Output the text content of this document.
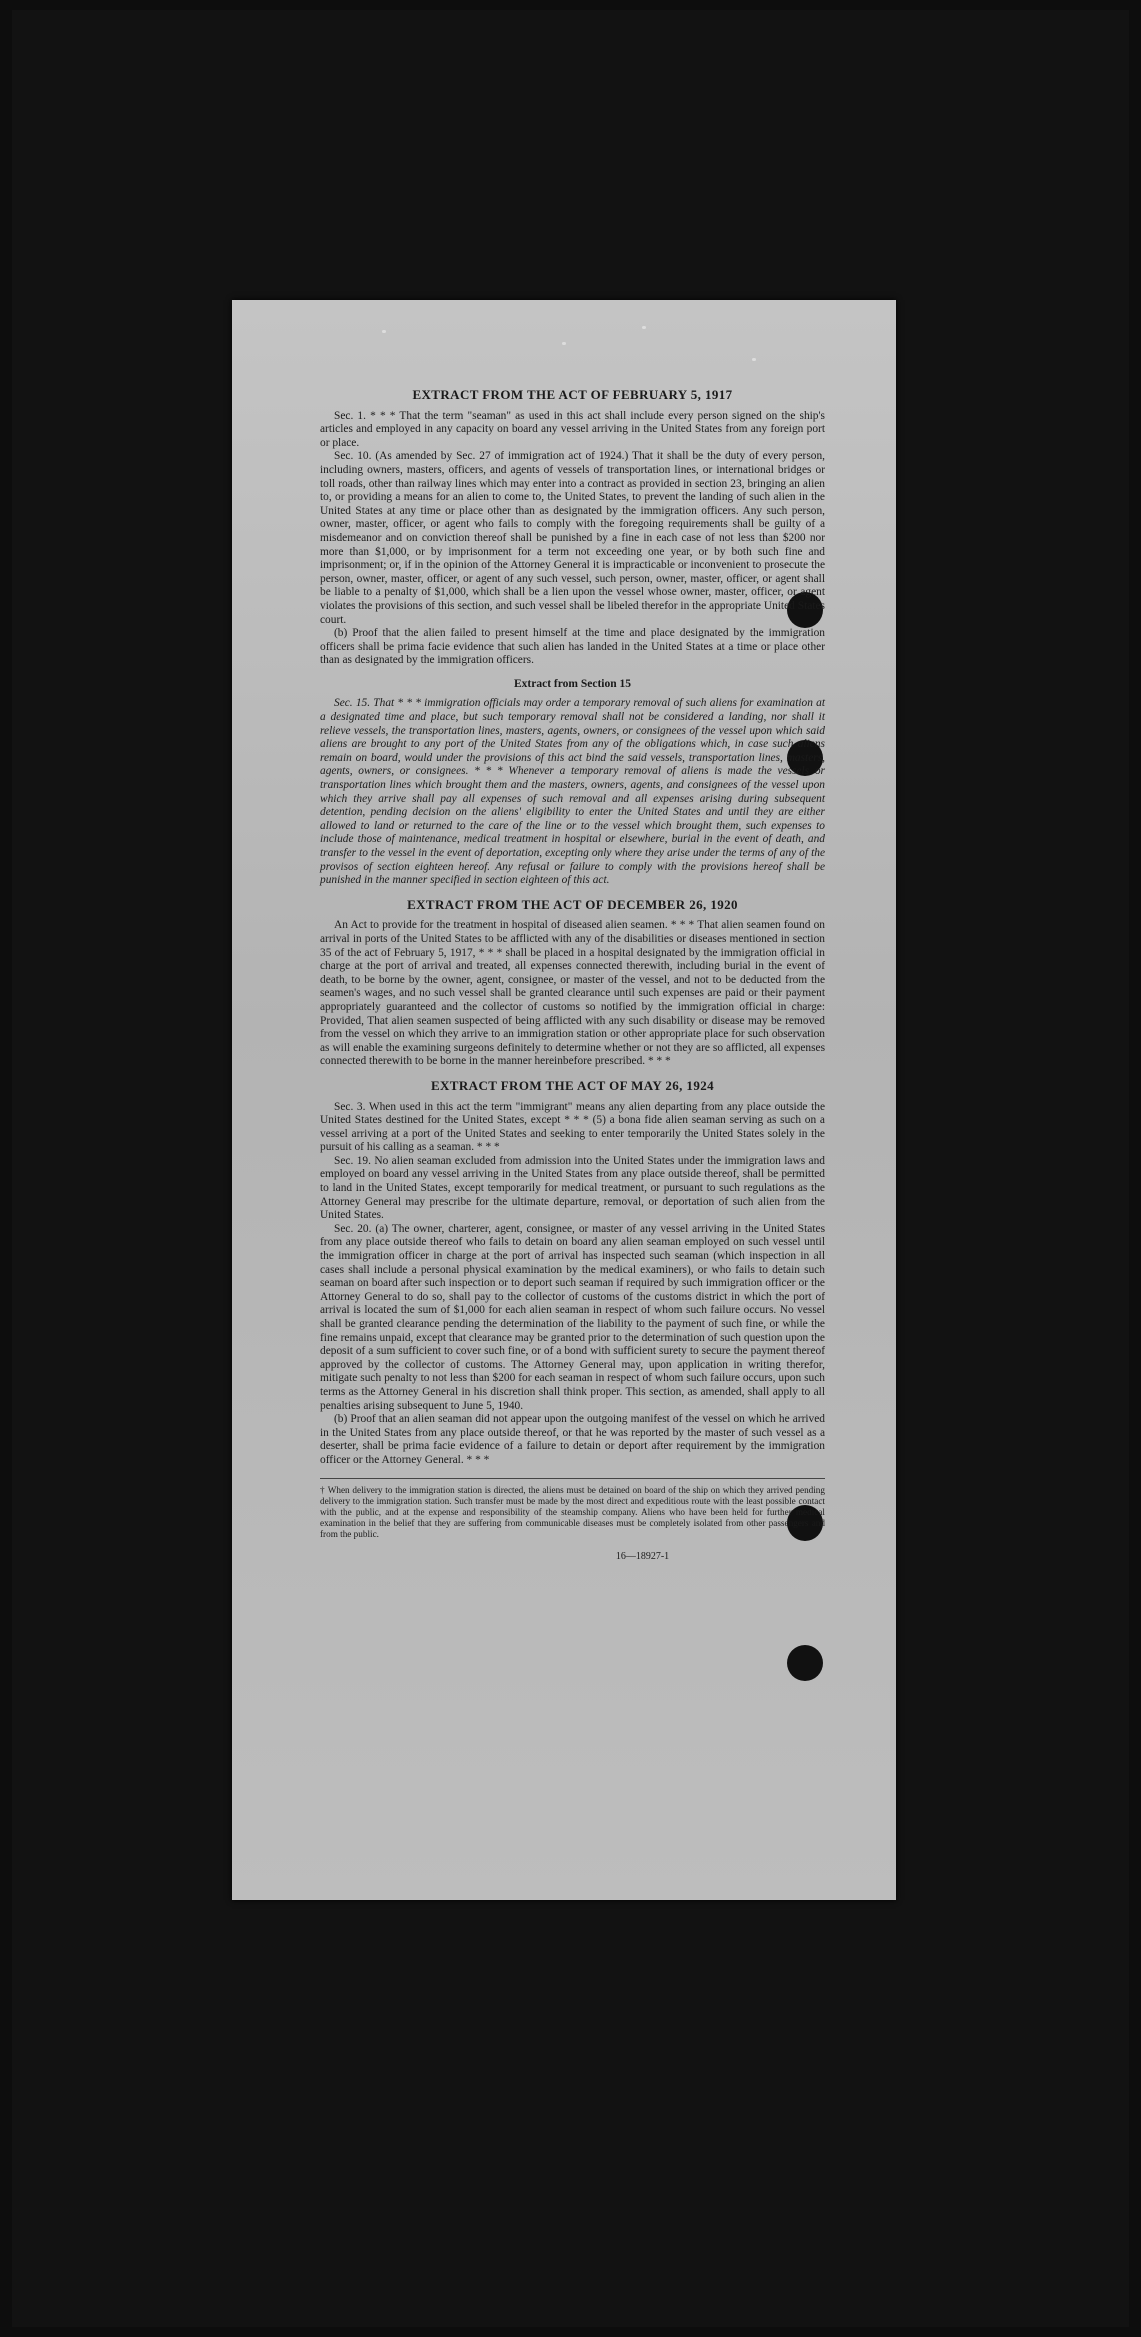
EXTRACT FROM THE ACT OF FEBRUARY 5, 1917

Sec. 1. * * * That the term "seaman" as used in this act shall include every person signed on the ship's articles and employed in any capacity on board any vessel arriving in the United States from any foreign port or place.

Sec. 10. (As amended by Sec. 27 of immigration act of 1924.) That it shall be the duty of every person, including owners, masters, officers, and agents of vessels of transportation lines, or international bridges or toll roads, other than railway lines which may enter into a contract as provided in section 23, bringing an alien to, or providing a means for an alien to come to, the United States, to prevent the landing of such alien in the United States at any time or place other than as designated by the immigration officers. Any such person, owner, master, officer, or agent who fails to comply with the foregoing requirements shall be guilty of a misdemeanor and on conviction thereof shall be punished by a fine in each case of not less than $200 nor more than $1,000, or by imprisonment for a term not exceeding one year, or by both such fine and imprisonment; or, if in the opinion of the Attorney General it is impracticable or inconvenient to prosecute the person, owner, master, officer, or agent of any such vessel, such person, owner, master, officer, or agent shall be liable to a penalty of $1,000, which shall be a lien upon the vessel whose owner, master, officer, or agent violates the provisions of this section, and such vessel shall be libeled therefor in the appropriate United States court.

(b) Proof that the alien failed to present himself at the time and place designated by the immigration officers shall be prima facie evidence that such alien has landed in the United States at a time or place other than as designated by the immigration officers.

Extract from Section 15

Sec. 15. That * * * immigration officials may order a temporary removal of such aliens for examination at a designated time and place, but such temporary removal shall not be considered a landing, nor shall it relieve vessels, the transportation lines, masters, agents, owners, or consignees of the vessel upon which said aliens are brought to any port of the United States from any of the obligations which, in case such aliens remain on board, would under the provisions of this act bind the said vessels, transportation lines, masters, agents, owners, or consignees. * * * Whenever a temporary removal of aliens is made the vessels or transportation lines which brought them and the masters, owners, agents, and consignees of the vessel upon which they arrive shall pay all expenses of such removal and all expenses arising during subsequent detention, pending decision on the aliens' eligibility to enter the United States and until they are either allowed to land or returned to the care of the line or to the vessel which brought them, such expenses to include those of maintenance, medical treatment in hospital or elsewhere, burial in the event of death, and transfer to the vessel in the event of deportation, excepting only where they arise under the terms of any of the provisos of section eighteen hereof. Any refusal or failure to comply with the provisions hereof shall be punished in the manner specified in section eighteen of this act.

EXTRACT FROM THE ACT OF DECEMBER 26, 1920

An Act to provide for the treatment in hospital of diseased alien seamen. * * * That alien seamen found on arrival in ports of the United States to be afflicted with any of the disabilities or diseases mentioned in section 35 of the act of February 5, 1917, * * * shall be placed in a hospital designated by the immigration official in charge at the port of arrival and treated, all expenses connected therewith, including burial in the event of death, to be borne by the owner, agent, consignee, or master of the vessel, and not to be deducted from the seamen's wages, and no such vessel shall be granted clearance until such expenses are paid or their payment appropriately guaranteed and the collector of customs so notified by the immigration official in charge: Provided, That alien seamen suspected of being afflicted with any such disability or disease may be removed from the vessel on which they arrive to an immigration station or other appropriate place for such observation as will enable the examining surgeons definitely to determine whether or not they are so afflicted, all expenses connected therewith to be borne in the manner hereinbefore prescribed. * * *

EXTRACT FROM THE ACT OF MAY 26, 1924

Sec. 3. When used in this act the term "immigrant" means any alien departing from any place outside the United States destined for the United States, except * * * (5) a bona fide alien seaman serving as such on a vessel arriving at a port of the United States and seeking to enter temporarily the United States solely in the pursuit of his calling as a seaman. * * *

Sec. 19. No alien seaman excluded from admission into the United States under the immigration laws and employed on board any vessel arriving in the United States from any place outside thereof, shall be permitted to land in the United States, except temporarily for medical treatment, or pursuant to such regulations as the Attorney General may prescribe for the ultimate departure, removal, or deportation of such alien from the United States.

Sec. 20. (a) The owner, charterer, agent, consignee, or master of any vessel arriving in the United States from any place outside thereof who fails to detain on board any alien seaman employed on such vessel until the immigration officer in charge at the port of arrival has inspected such seaman (which inspection in all cases shall include a personal physical examination by the medical examiners), or who fails to detain such seaman on board after such inspection or to deport such seaman if required by such immigration officer or the Attorney General to do so, shall pay to the collector of customs of the customs district in which the port of arrival is located the sum of $1,000 for each alien seaman in respect of whom such failure occurs. No vessel shall be granted clearance pending the determination of the liability to the payment of such fine, or while the fine remains unpaid, except that clearance may be granted prior to the determination of such question upon the deposit of a sum sufficient to cover such fine, or of a bond with sufficient surety to secure the payment thereof approved by the collector of customs. The Attorney General may, upon application in writing therefor, mitigate such penalty to not less than $200 for each seaman in respect of whom such failure occurs, upon such terms as the Attorney General in his discretion shall think proper. This section, as amended, shall apply to all penalties arising subsequent to June 5, 1940.

(b) Proof that an alien seaman did not appear upon the outgoing manifest of the vessel on which he arrived in the United States from any place outside thereof, or that he was reported by the master of such vessel as a deserter, shall be prima facie evidence of a failure to detain or deport after requirement by the immigration officer or the Attorney General. * * *

† When delivery to the immigration station is directed, the aliens must be detained on board of the ship on which they arrived pending delivery to the immigration station. Such transfer must be made by the most direct and expeditious route with the least possible contact with the public, and at the expense and responsibility of the steamship company. Aliens who have been held for further medical examination in the belief that they are suffering from communicable diseases must be completely isolated from other passengers and from the public.
16—18927-1
